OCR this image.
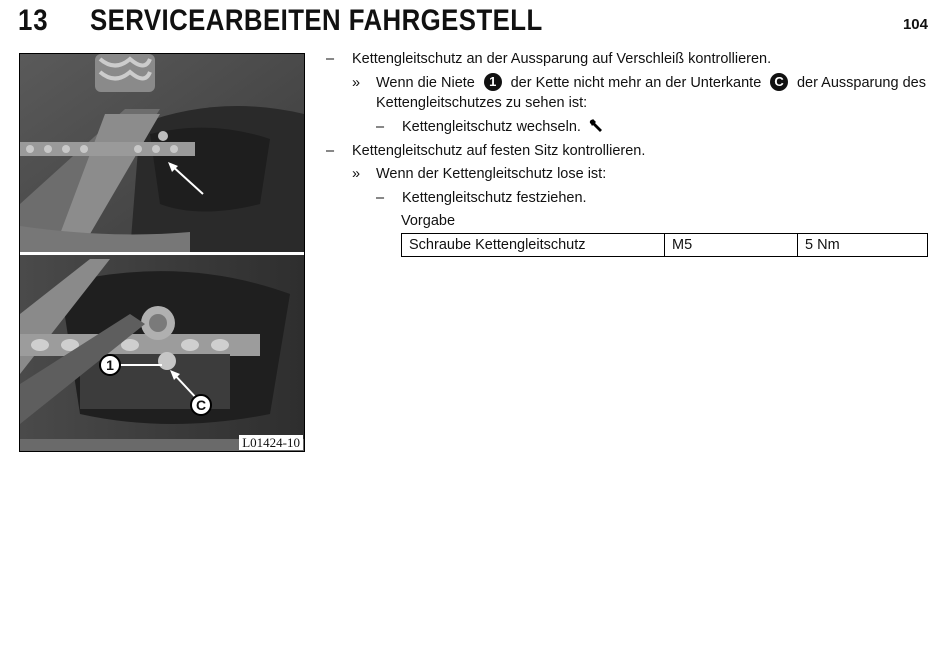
13 SERVICEARBEITEN FAHRGESTELL	104
1
C
L01424-10
–	Kettengleitschutz an der Aussparung auf Verschleiß kontrollieren.
» Wenn die Niete	1 der Kette nicht mehr an der Unterkante	C der Aussparung des
Kettengleitschutzes zu sehen ist:
–	Kettengleitschutz wechseln.
–	Kettengleitschutz auf festen Sitz kontrollieren.
» Wenn der Kettengleitschutz lose ist:
–	Kettengleitschutz festziehen.
Vorgabe
Schraube Kettengleitschutz	M5	5 Nm
